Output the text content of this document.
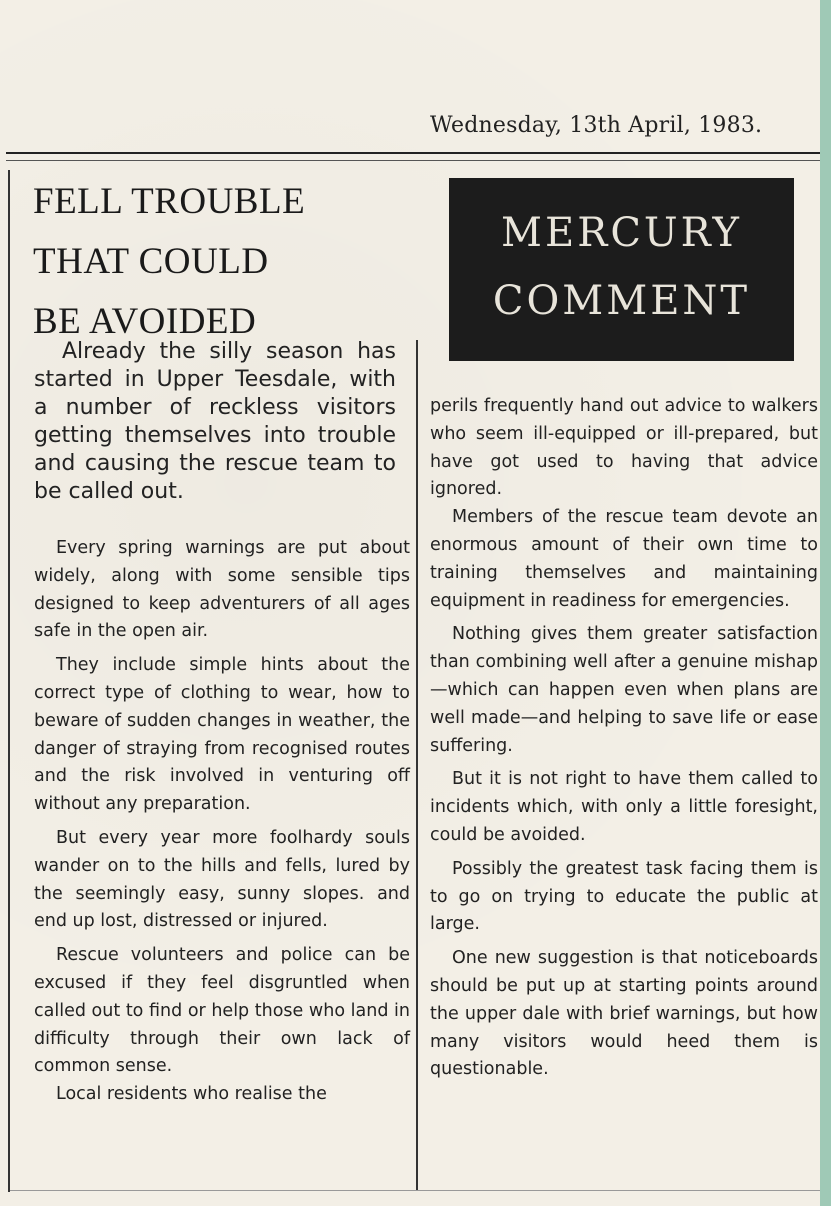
Wednesday, 13th April, 1983.
FELL TROUBLE
THAT COULD
BE AVOIDED
MERCURY
COMMENT

Already the silly season has started in Upper Teesdale, with a number of reckless visitors getting themselves into trouble and causing the rescue team to be called out.

Every spring warnings are put about widely, along with some sensible tips designed to keep adventurers of all ages safe in the open air.

They include simple hints about the correct type of clothing to wear, how to beware of sudden changes in weather, the danger of straying from recognised routes and the risk involved in venturing off without any preparation.

But every year more foolhardy souls wander on to the hills and fells, lured by the seemingly easy, sunny slopes. and end up lost, distressed or injured.

Rescue volunteers and police can be excused if they feel disgruntled when called out to find or help those who land in difficulty through their own lack of common sense.

Local residents who realise the

perils frequently hand out advice to walkers who seem ill-equipped or ill-prepared, but have got used to having that advice ignored.

Members of the rescue team devote an enormous amount of their own time to training themselves and maintaining equipment in readiness for emergencies.

Nothing gives them greater satisfaction than combining well after a genuine mishap—which can happen even when plans are well made—and helping to save life or ease suffering.

But it is not right to have them called to incidents which, with only a little foresight, could be avoided.

Possibly the greatest task facing them is to go on trying to educate the public at large.

One new suggestion is that noticeboards should be put up at starting points around the upper dale with brief warnings, but how many visitors would heed them is questionable.
